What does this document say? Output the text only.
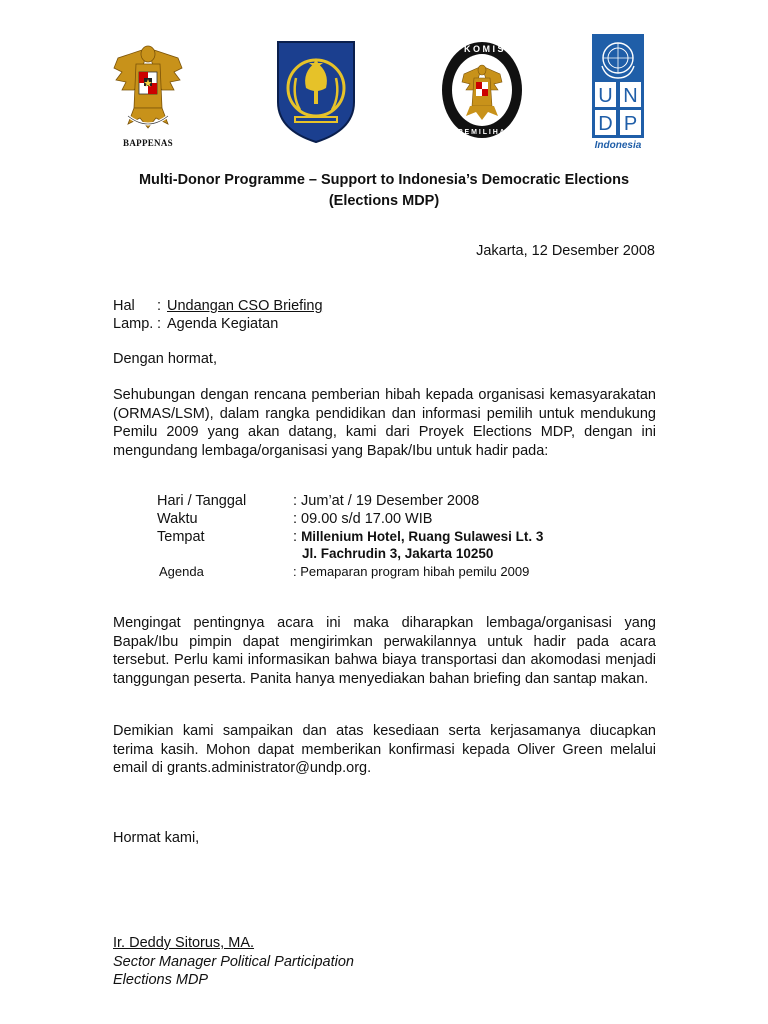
BAPPENAS
K O M I S I
P E M I L I H A N U M U M
U N
D P
Indonesia
Multi-Donor Programme – Support to Indonesia’s Democratic Elections
(Elections MDP)
Jakarta, 12 Desember 2008
Hal : Undangan CSO Briefing
Lamp. : Agenda Kegiatan
Dengan hormat,
Sehubungan dengan rencana pemberian hibah kepada organisasi kemasyarakatan (ORMAS/LSM), dalam rangka pendidikan dan informasi pemilih untuk mendukung Pemilu 2009 yang akan datang, kami dari Proyek Elections MDP, dengan ini mengundang lembaga/organisasi yang Bapak/Ibu untuk hadir pada:
Hari / Tanggal	: Jum’at / 19 Desember 2008
Waktu	: 09.00 s/d 17.00 WIB
Tempat	: Millenium Hotel, Ruang Sulawesi Lt. 3
Jl. Fachrudin 3, Jakarta 10250
Agenda	: Pemaparan program hibah pemilu 2009
Mengingat pentingnya acara ini maka diharapkan lembaga/organisasi yang Bapak/Ibu pimpin dapat mengirimkan perwakilannya untuk hadir pada acara tersebut. Perlu kami informasikan bahwa biaya transportasi dan akomodasi menjadi tanggungan peserta. Panita hanya menyediakan bahan briefing dan santap makan.
Demikian kami sampaikan dan atas kesediaan serta kerjasamanya diucapkan terima kasih. Mohon dapat memberikan konfirmasi kepada Oliver Green melalui email di grants.administrator@undp.org.
Hormat kami,
Ir. Deddy Sitorus, MA.
Sector Manager Political Participation
Elections MDP
